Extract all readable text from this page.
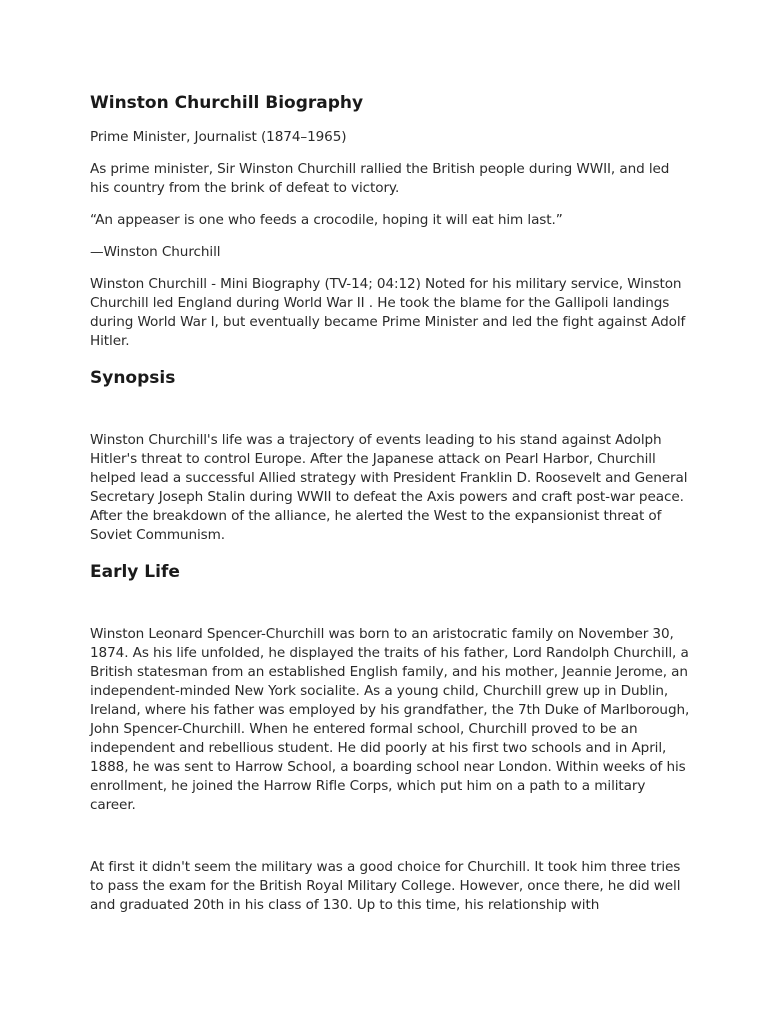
Winston Churchill Biography

Prime Minister, Journalist (1874–1965)

As prime minister, Sir Winston Churchill rallied the British people during WWII, and led his country from the brink of defeat to victory.

“An appeaser is one who feeds a crocodile, hoping it will eat him last.”

—Winston Churchill

Winston Churchill - Mini Biography (TV-14; 04:12) Noted for his military service, Winston Churchill led England during World War II . He took the blame for the Gallipoli landings during World War I, but eventually became Prime Minister and led the fight against Adolf Hitler.

Synopsis

Winston Churchill's life was a trajectory of events leading to his stand against Adolph Hitler's threat to control Europe. After the Japanese attack on Pearl Harbor, Churchill helped lead a successful Allied strategy with President Franklin D. Roosevelt and General Secretary Joseph Stalin during WWII to defeat the Axis powers and craft post-war peace. After the breakdown of the alliance, he alerted the West to the expansionist threat of Soviet Communism.

Early Life

Winston Leonard Spencer-Churchill was born to an aristocratic family on November 30, 1874. As his life unfolded, he displayed the traits of his father, Lord Randolph Churchill, a British statesman from an established English family, and his mother, Jeannie Jerome, an independent-minded New York socialite. As a young child, Churchill grew up in Dublin, Ireland, where his father was employed by his grandfather, the 7th Duke of Marlborough, John Spencer-Churchill. When he entered formal school, Churchill proved to be an independent and rebellious student. He did poorly at his first two schools and in April, 1888, he was sent to Harrow School, a boarding school near London. Within weeks of his enrollment, he joined the Harrow Rifle Corps, which put him on a path to a military career.

At first it didn't seem the military was a good choice for Churchill. It took him three tries to pass the exam for the British Royal Military College. However, once there, he did well and graduated 20th in his class of 130. Up to this time, his relationship with
